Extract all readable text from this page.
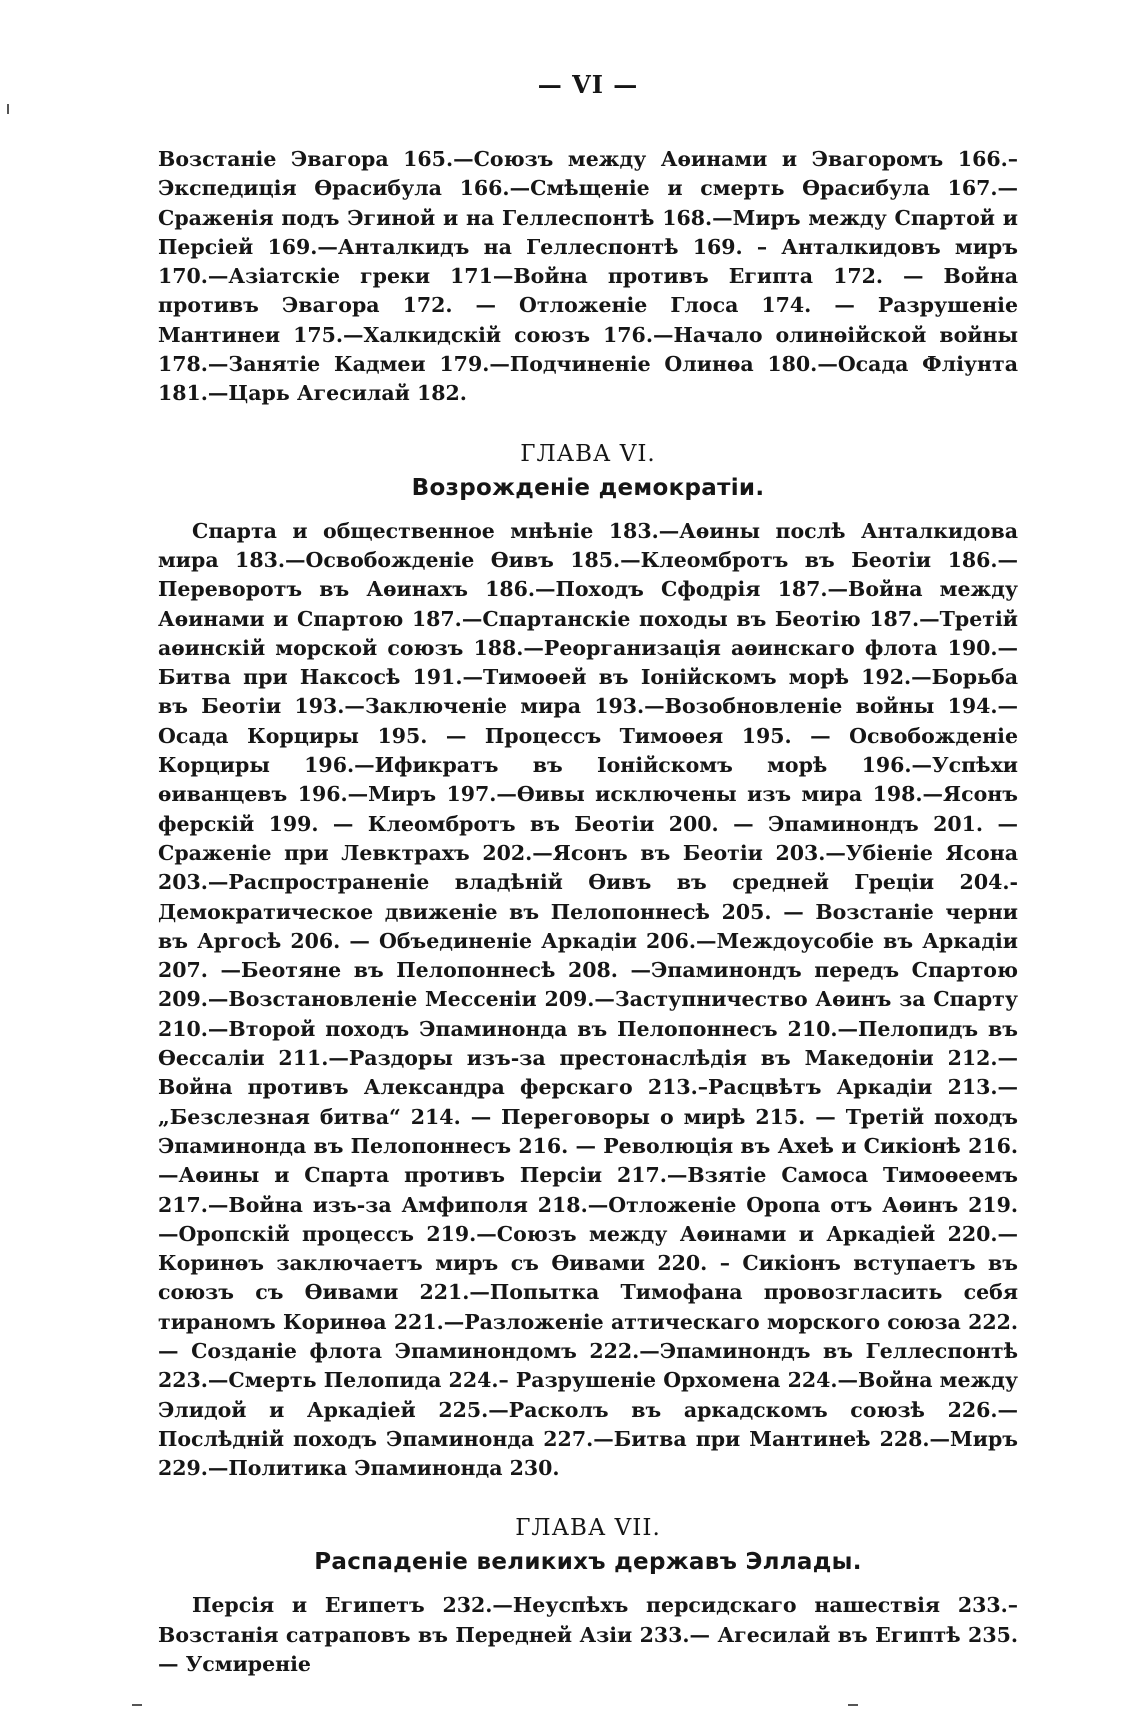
— VI —

Возстаніе Эвагора 165.—Союзъ между Аѳинами и Эвагоромъ 166.– Экспедиція Ѳрасибула 166.—Смѣщеніе и смерть Ѳрасибула 167.—Сраженія подъ Эгиной и на Геллеспонтѣ 168.—Миръ между Спартой и Персіей 169.—Анталкидъ на Геллеспонтѣ 169. – Анталкидовъ миръ 170.—Азіатскіе греки 171—Война противъ Египта 172. — Война противъ Эвагора 172. — Отложеніе Глоса 174. — Разрушеніе Мантинеи 175.—Халкидскій союзъ 176.—Начало олинѳійской войны 178.—Занятіе Кадмеи 179.—Подчиненіе Олинѳа 180.—Осада Флiунта 181.—Царь Агесилай 182.

ГЛАВА VI.
Возрожденіе демократіи.

Спарта и общественное мнѣніе 183.—Аѳины послѣ Анталкидова мира 183.—Освобожденіе Ѳивъ 185.—Клеомбротъ въ Беотіи 186.—Переворотъ въ Аѳинахъ 186.—Походъ Сфодрія 187.—Война между Аѳинами и Спартою 187.—Спартанскіе походы въ Беотію 187.—Третій аѳинскій морской союзъ 188.—Реорганизація аѳинскаго флота 190.—Битва при Наксосѣ 191.—Тимоѳей въ Іонійскомъ морѣ 192.—Борьба въ Беотіи 193.—Заключеніе мира 193.—Возобновленіе войны 194.—Осада Корциры 195. — Процессъ Тимоѳея 195. — Освобожденіе Корциры 196.—Ификратъ въ Іонійскомъ морѣ 196.—Успѣхи ѳиванцевъ 196.—Миръ 197.—Ѳивы исключены изъ мира 198.—Ясонъ ферскій 199. — Клеомбротъ въ Беотіи 200. — Эпаминондъ 201. — Сраженіе при Левктрахъ 202.—Ясонъ въ Беотіи 203.—Убіеніе Ясона 203.—Распространеніе владѣній Ѳивъ въ средней Греціи 204.- Демократическое движеніе въ Пелопоннесѣ 205. — Возстаніе черни въ Аргосѣ 206. — Объединеніе Аркадіи 206.—Междоусобіе въ Аркадіи 207. —Беотяне въ Пелопоннесѣ 208. —Эпаминондъ передъ Спартою 209.—Возстановленіе Мессеніи 209.—Заступничество Аѳинъ за Спарту 210.—Второй походъ Эпаминонда въ Пелопоннесъ 210.—Пелопидъ въ Ѳессаліи 211.—Раздоры изъ-за престонаслѣдія въ Македоніи 212.—Война противъ Александра ферскаго 213.–Расцвѣтъ Аркадіи 213.—„Безслезная битва“ 214. — Переговоры о мирѣ 215. — Третій походъ Эпаминонда въ Пелопоннесъ 216. — Революція въ Ахеѣ и Сикіонѣ 216.—Аѳины и Спарта противъ Персіи 217.—Взятіе Самоса Тимоѳеемъ 217.—Война изъ-за Амфиполя 218.—Отложеніе Оропа отъ Аѳинъ 219.—Оропскій процессъ 219.—Союзъ между Аѳинами и Аркадіей 220.—Коринѳъ заключаетъ миръ съ Ѳивами 220. – Сикіонъ вступаетъ въ союзъ съ Ѳивами 221.—Попытка Тимофана провозгласить себя тираномъ Коринѳа 221.—Разложеніе аттическаго морского союза 222. — Созданіе флота Эпаминондомъ 222.—Эпаминондъ въ Геллеспонтѣ 223.—Смерть Пелопида 224.– Разрушеніе Орхомена 224.—Война между Элидой и Аркадіей 225.—Расколъ въ аркадскомъ союзѣ 226.—Послѣдній походъ Эпаминонда 227.—Битва при Мантинеѣ 228.—Миръ 229.—Политика Эпаминонда 230.

ГЛАВА VII.
Распаденіе великихъ державъ Эллады.

Персія и Египетъ 232.—Неуспѣхъ персидскаго нашествія 233.– Возстанія сатраповъ въ Передней Азіи 233.— Агесилай въ Египтѣ 235.— Усмиреніе
